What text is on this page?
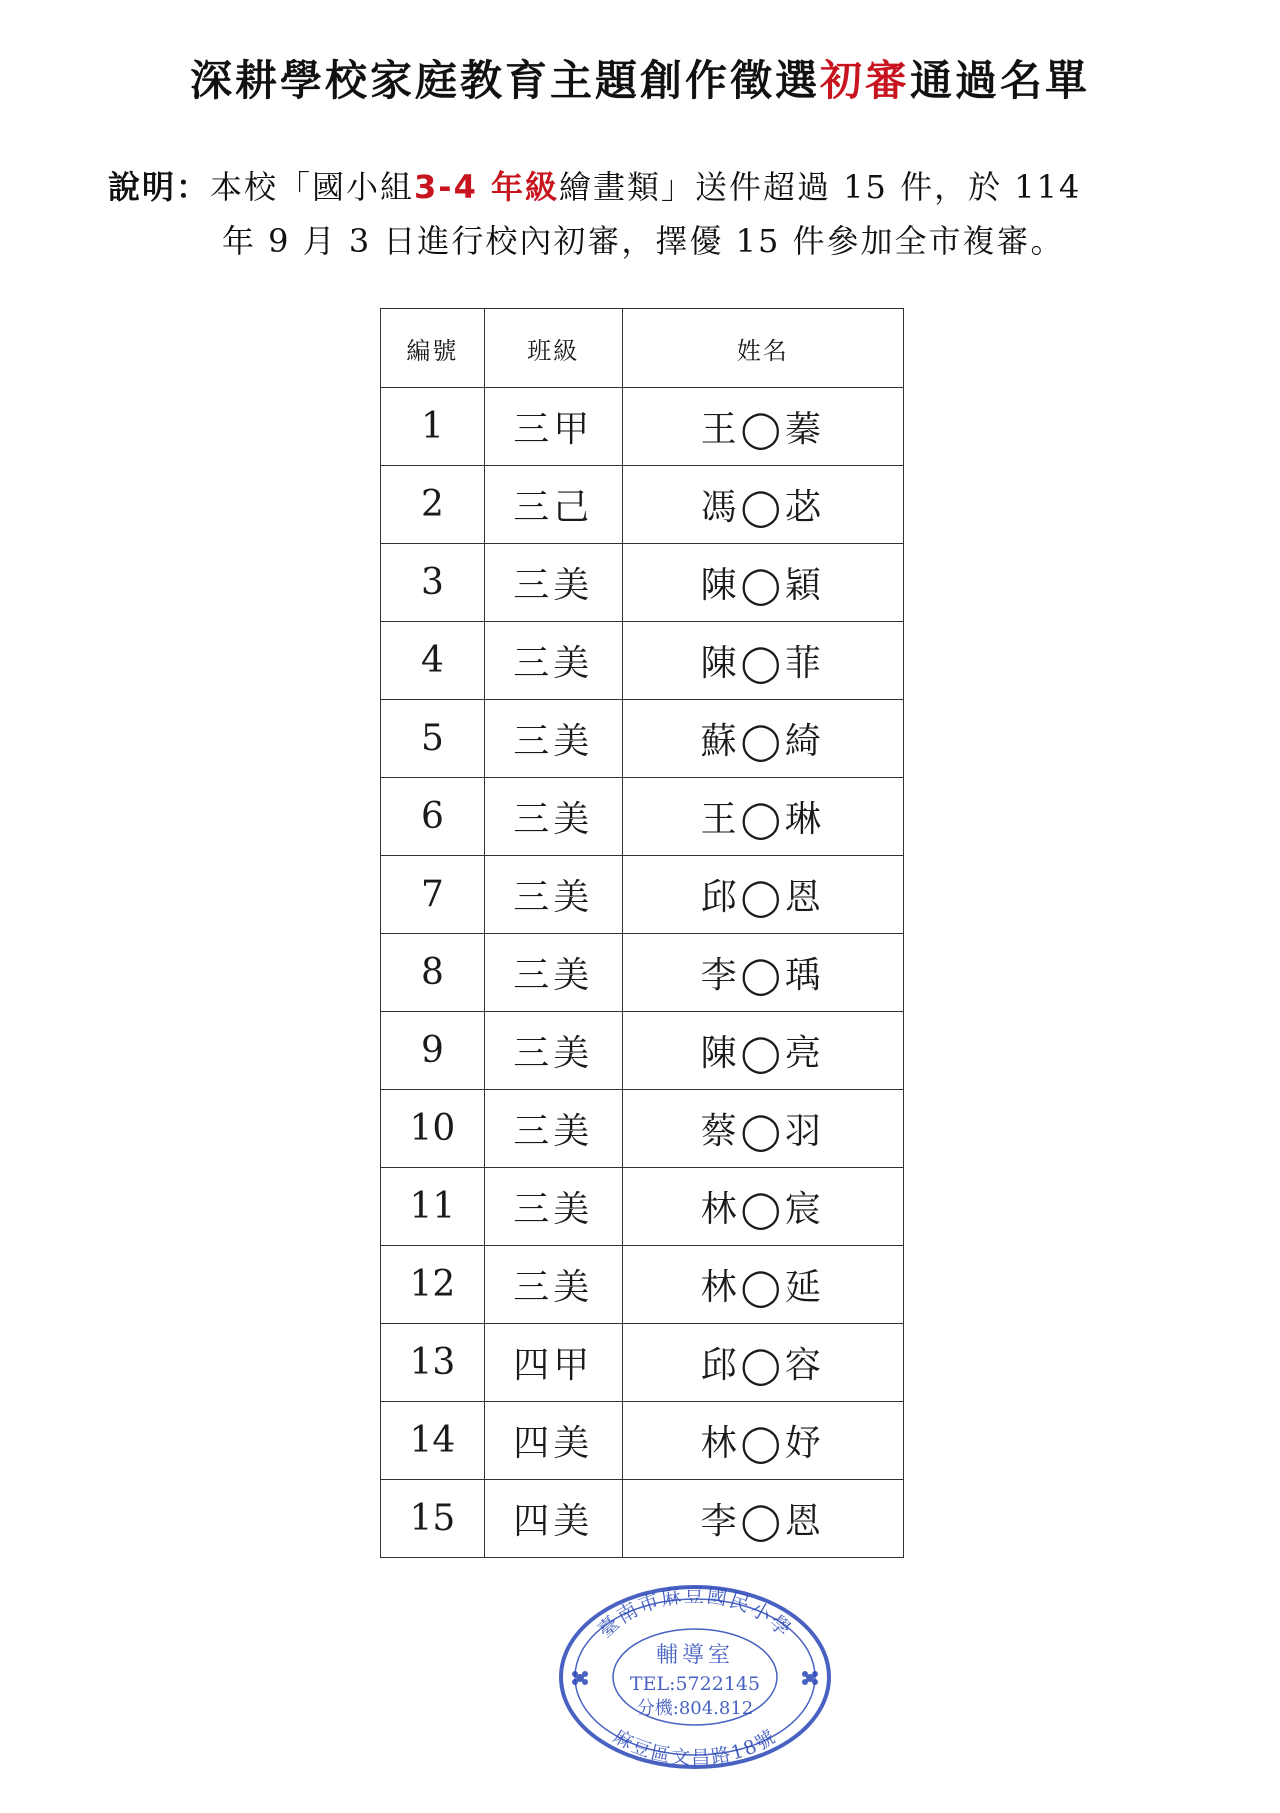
深耕學校家庭教育主題創作徵選初審通過名單
說明：本校「國小組3-4 年級繪畫類」送件超過 15 件，於 114
年 9 月 3 日進行校內初審，擇優 15 件參加全市複審。
編號	班級	姓名
1	三甲	王◯蓁
2	三己	馮◯苾
3	三美	陳◯穎
4	三美	陳◯菲
5	三美	蘇◯綺
6	三美	王◯琳
7	三美	邱◯恩
8	三美	李◯瑀
9	三美	陳◯亮
10	三美	蔡◯羽
11	三美	林◯宸
12	三美	林◯延
13	四甲	邱◯容
14	四美	林◯妤
15	四美	李◯恩
臺南市麻豆國民小學
麻豆區文昌路18號
輔導室
TEL:5722145
分機:804.812
